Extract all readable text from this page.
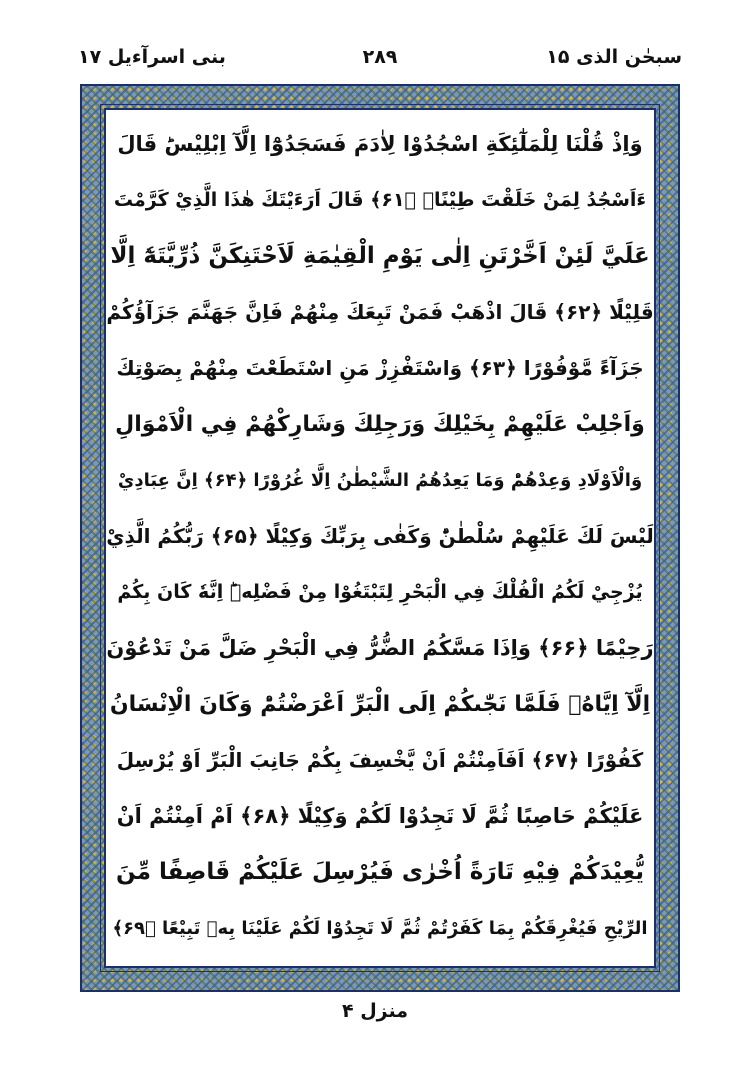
بنی اسرآءیل ۱۷	۲۸۹	سبحٰن الذی ۱۵
وَاِذْ قُلْنَا لِلْمَلٰٓئِكَةِ اسْجُدُوْا لِاٰدَمَ فَسَجَدُوْٓا اِلَّآ اِبْلِيْسَؕ قَالَ
ءَاَسْجُدُ لِمَنْ خَلَقْتَ طِيْنًاۚ ﴿۶۱﴾ قَالَ اَرَءَيْتَكَ هٰذَا الَّذِيْ كَرَّمْتَ
عَلَيَّ لَئِنْ اَخَّرْتَنِ اِلٰى يَوْمِ الْقِيٰمَةِ لَاَحْتَنِكَنَّ ذُرِّيَّتَهٗٓ اِلَّا
قَلِيْلًا ﴿۶۲﴾ قَالَ اذْهَبْ فَمَنْ تَبِعَكَ مِنْهُمْ فَاِنَّ جَهَنَّمَ جَزَآؤُكُمْ
جَزَآءً مَّوْفُوْرًا ﴿۶۳﴾ وَاسْتَفْزِزْ مَنِ اسْتَطَعْتَ مِنْهُمْ بِصَوْتِكَ
وَاَجْلِبْ عَلَيْهِمْ بِخَيْلِكَ وَرَجِلِكَ وَشَارِكْهُمْ فِي الْاَمْوَالِ
وَالْاَوْلَادِ وَعِدْهُمْؕ وَمَا يَعِدُهُمُ الشَّيْطٰنُ اِلَّا غُرُوْرًا ﴿۶۴﴾ اِنَّ عِبَادِيْ
لَيْسَ لَكَ عَلَيْهِمْ سُلْطٰنٌؕ وَكَفٰى بِرَبِّكَ وَكِيْلًا ﴿۶۵﴾ رَبُّكُمُ الَّذِيْ
يُزْجِيْ لَكُمُ الْفُلْكَ فِي الْبَحْرِ لِتَبْتَغُوْا مِنْ فَضْلِهٖؕ اِنَّهٗ كَانَ بِكُمْ
رَحِيْمًا ﴿۶۶﴾ وَاِذَا مَسَّكُمُ الضُّرُّ فِي الْبَحْرِ ضَلَّ مَنْ تَدْعُوْنَ
اِلَّآ اِيَّاهُۚ فَلَمَّا نَجّٰىكُمْ اِلَى الْبَرِّ اَعْرَضْتُمْؕ وَكَانَ الْاِنْسَانُ
كَفُوْرًا ﴿۶۷﴾ اَفَاَمِنْتُمْ اَنْ يَّخْسِفَ بِكُمْ جَانِبَ الْبَرِّ اَوْ يُرْسِلَ
عَلَيْكُمْ حَاصِبًا ثُمَّ لَا تَجِدُوْا لَكُمْ وَكِيْلًا ﴿۶۸﴾ اَمْ اَمِنْتُمْ اَنْ
يُّعِيْدَكُمْ فِيْهِ تَارَةً اُخْرٰى فَيُرْسِلَ عَلَيْكُمْ قَاصِفًا مِّنَ
الرِّيْحِ فَيُغْرِقَكُمْ بِمَا كَفَرْتُمْ ثُمَّ لَا تَجِدُوْا لَكُمْ عَلَيْنَا بِهٖ تَبِيْعًا ﴿۶۹﴾
منزل ۴
